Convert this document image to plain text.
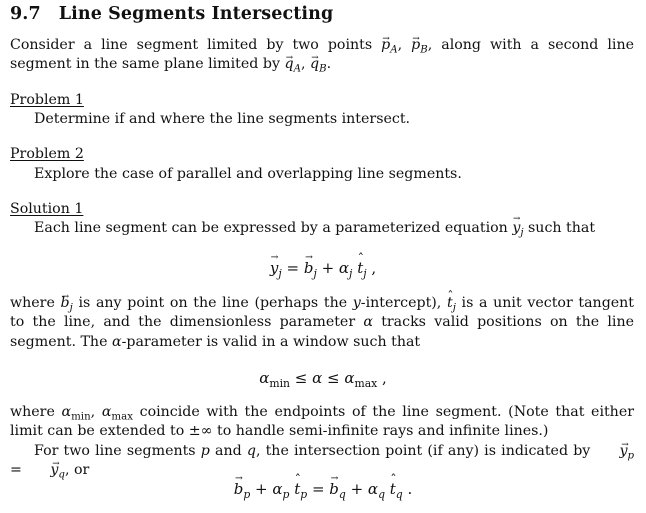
9.7 Line Segments Intersecting
Consider a line segment limited by two points $p \to_A$, $p \to_B$, along with a second line segment in the same plane limited by $q \to_A$, $q \to_B$.
Problem 1
Determine if and where the line segments intersect.
Problem 2
Explore the case of parallel and overlapping line segments.
Solution 1
Each line segment can be expressed by a parameterized equation $y \to_j$ such that
$y \to_j = b \to_j + \alpha_j$ t ˆ$_j$ ,
where $b \to_j$ is any point on the line (perhaps the y-intercept), t ˆ$_j$ is a unit vector tangent to the line, and the dimensionless parameter α tracks valid positions on the line segment. The α-parameter is valid in a window such that
$\alpha_{min} \le \alpha \le \alpha_{max}$ ,
where $\alpha_{min}$, $\alpha_{max}$ coincide with the endpoints of the line segment. (Note that either limit can be extended to ±∞ to handle semi-infinite rays and infinite lines.)
For two line segments p and q, the intersection point (if any) is indicated by $y \to_p = y \to_q$, or
$b \to_p + \alpha_p$ t ˆ$_p$ = $b \to_q + \alpha_q$ t ˆ$_q$ .
